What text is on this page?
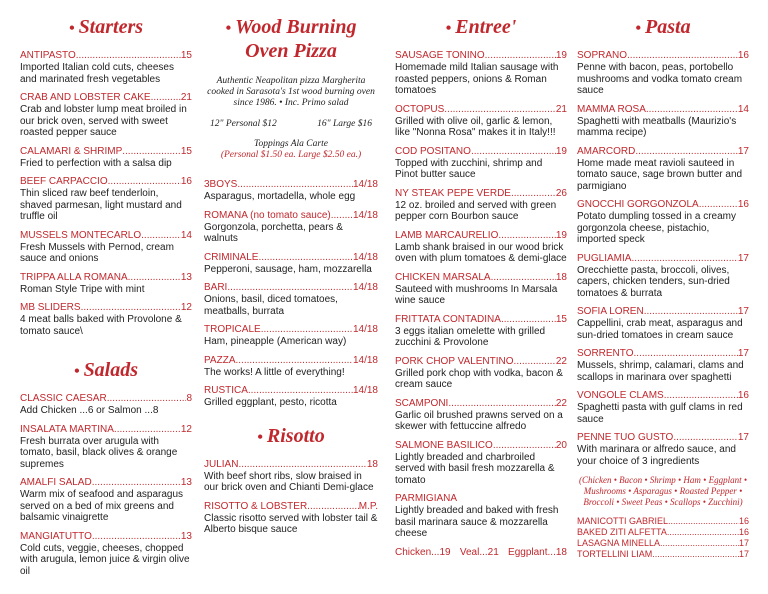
• Starters
ANTIPASTO .....	15
Imported Italian cold cuts, cheeses and marinated fresh vegetables
CRAB AND LOBSTER CAKE .....	21
Crab and lobster lump meat broiled in our brick oven, served with sweet roasted pepper sauce
CALAMARI & SHRIMP .....	15
Fried to perfection with a salsa dip
BEEF CARPACCIO .....	16
Thin sliced raw beef tenderloin, shaved parmesan, light mustard and truffle oil
MUSSELS MONTECARLO .....	14
Fresh Mussels with Pernod, cream sauce and onions
TRIPPA ALLA ROMANA .....	13
Roman Style Tripe with mint
MB SLIDERS .....	12
4 meat balls baked with Provolone & tomato sauce\
• Salads
CLASSIC CAESAR .....	8
Add Chicken ...6 or Salmon ...8
INSALATA MARTINA .....	12
Fresh burrata over arugula with tomato, basil, black olives & orange supremes
AMALFI SALAD .....	13
Warm mix of seafood and asparagus served on a bed of mix greens and balsamic vinaigrette
MANGIATUTTO .....	13
Cold cuts, veggie, cheeses, chopped with arugula, lemon juice & virgin olive oil
• Wood Burning
Oven Pizza
Authentic Neapolitan pizza Margherita cooked in Sarasota's 1st wood burning oven since 1986. • Inc. Primo salad
12" Personal $12	16" Large $16
Toppings Ala Carte
(Personal $1.50 ea. Large $2.50 ea.)
3BOYS .....	14/18
Asparagus, mortadella, whole egg
ROMANA (no tomato sauce) ..... 14/18
Gorgonzola, porchetta, pears & walnuts
CRIMINALE .....	14/18
Pepperoni, sausage, ham, mozzarella
BARI .....	14/18
Onions, basil, diced tomatoes, meatballs, burrata
TROPICALE .....	14/18
Ham, pineapple (American way)
PAZZA .....	14/18
The works! A little of everything!
RUSTICA .....	14/18
Grilled eggplant, pesto, ricotta
• Risotto
JULIAN .....	18
With beef short ribs, slow braised in our brick oven and Chianti Demi-glace
RISOTTO & LOBSTER .....	M.P.
Classic risotto served with lobster tail & Alberto bisque sauce
• Entree'
SAUSAGE TONINO .....	19
Homemade mild Italian sausage with roasted peppers, onions & Roman tomatoes
OCTOPUS .....	21
Grilled with olive oil, garlic & lemon, like "Nonna Rosa" makes it in Italy!!!
COD POSITANO .....	19
Topped with zucchini, shrimp and Pinot butter sauce
NY STEAK PEPE VERDE .....	26
12 oz. broiled and served with green pepper corn Bourbon sauce
LAMB MARCAURELIO .....	19
Lamb shank braised in our wood brick oven with plum tomatoes & demi-glace
CHICKEN MARSALA .....	18
Sauteed with mushrooms In Marsala wine sauce
FRITTATA CONTADINA .....	15
3 eggs italian omelette with grilled zucchini & Provolone
PORK CHOP VALENTINO .....	22
Grilled pork chop with vodka, bacon & cream sauce
SCAMPONI .....	22
Garlic oil brushed prawns served on a skewer with fettuccine alfredo
SALMONE BASILICO .....	20
Lightly breaded and charbroiled served with basil fresh mozzarella & tomato
PARMIGIANA
Lightly breaded and baked with fresh basil marinara sauce & mozzarella cheese
Chicken...19 Veal...21 Eggplant...18
• Pasta
SOPRANO .....	16
Penne with bacon, peas, portobello mushrooms and vodka tomato cream sauce
MAMMA ROSA .....	14
Spaghetti with meatballs (Maurizio's mamma recipe)
AMARCORD .....	17
Home made meat ravioli sauteed in tomato sauce, sage brown butter and parmigiano
GNOCCHI GORGONZOLA .....	16
Potato dumpling tossed in a creamy gorgonzola cheese, pistachio, imported speck
PUGLIAMIA .....	17
Orecchiette pasta, broccoli, olives, capers, chicken tenders, sun-dried tomatoes & burrata
SOFIA LOREN .....	17
Cappellini, crab meat, asparagus and sun-dried tomatoes in cream sauce
SORRENTO .....	17
Mussels, shrimp, calamari, clams and scallops in marinara over spaghetti
VONGOLE CLAMS .....	16
Spaghetti pasta with gulf clams in red sauce
PENNE TUO GUSTO .....	17
With marinara or alfredo sauce, and your choice of 3 ingredients
(Chicken • Bacon • Shrimp • Ham • Eggplant • Mushrooms • Asparagus • Roasted Pepper • Broccoli • Sweet Peas • Scallops • Zucchini)
MANICOTTI GABRIEL .....	16
BAKED ZITI ALFETTA .....	16
LASAGNA MINELLA .....	17
TORTELLINI LIAM .....	17
